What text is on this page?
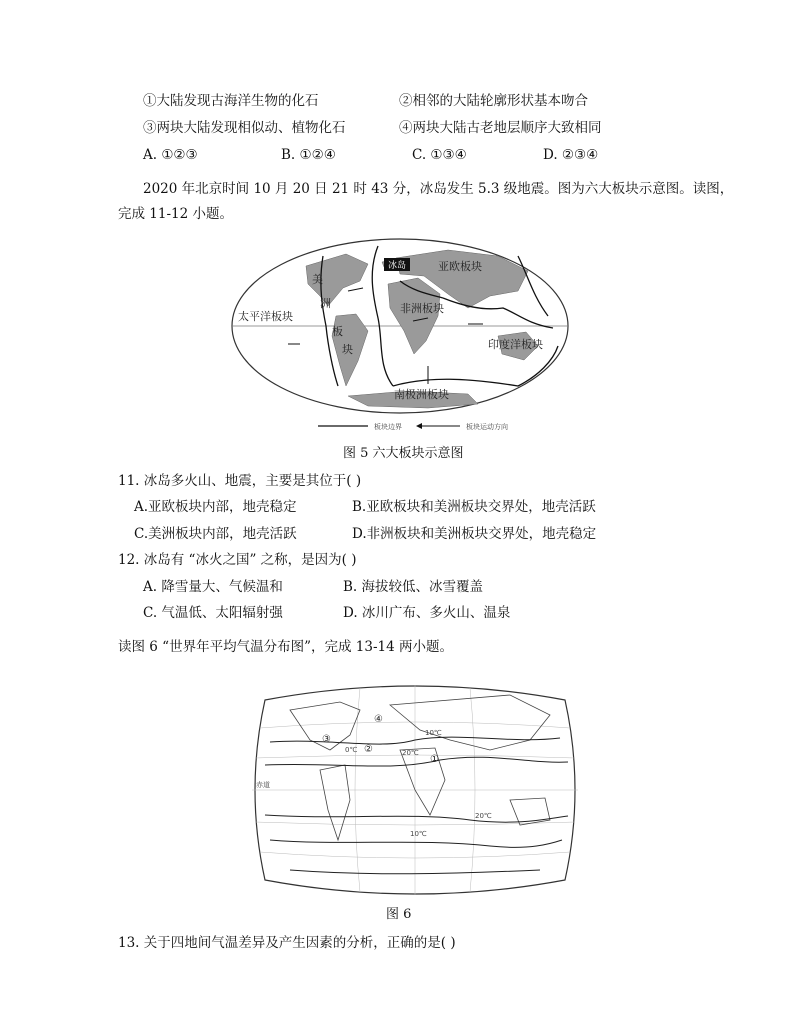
①大陆发现古海洋生物的化石	②相邻的大陆轮廓形状基本吻合
③两块大陆发现相似动、植物化石	④两块大陆古老地层顺序大致相同
A. ①②③	B. ①②④	C. ①③④	D. ②③④
2020 年北京时间 10 月 20 日 21 时 43 分，冰岛发生 5.3 级地震。图为六大板块示意图。读图，
完成 11-12 小题。
冰岛	亚欧板块
美
洲
板
块
太平洋板块
非洲板块
印度洋板块
南极洲板块
板块边界	板块运动方向
图 5 六大板块示意图
11. 冰岛多火山、地震，主要是其位于( )
A.亚欧板块内部，地壳稳定	B.亚欧板块和美洲板块交界处，地壳活跃
C.美洲板块内部，地壳活跃	D.非洲板块和美洲板块交界处，地壳稳定
12. 冰岛有 “冰火之国” 之称，是因为( )
A. 降雪量大、气候温和	B. 海拔较低、冰雪覆盖
C. 气温低、太阳辐射强	D. 冰川广布、多火山、温泉
读图 6 “世界年平均气温分布图”，完成 13-14 两小题。
①
②
③
④
10℃
20℃
0℃
20℃
10℃
赤道
图 6
13. 关于四地间气温差异及产生因素的分析，正确的是( )
